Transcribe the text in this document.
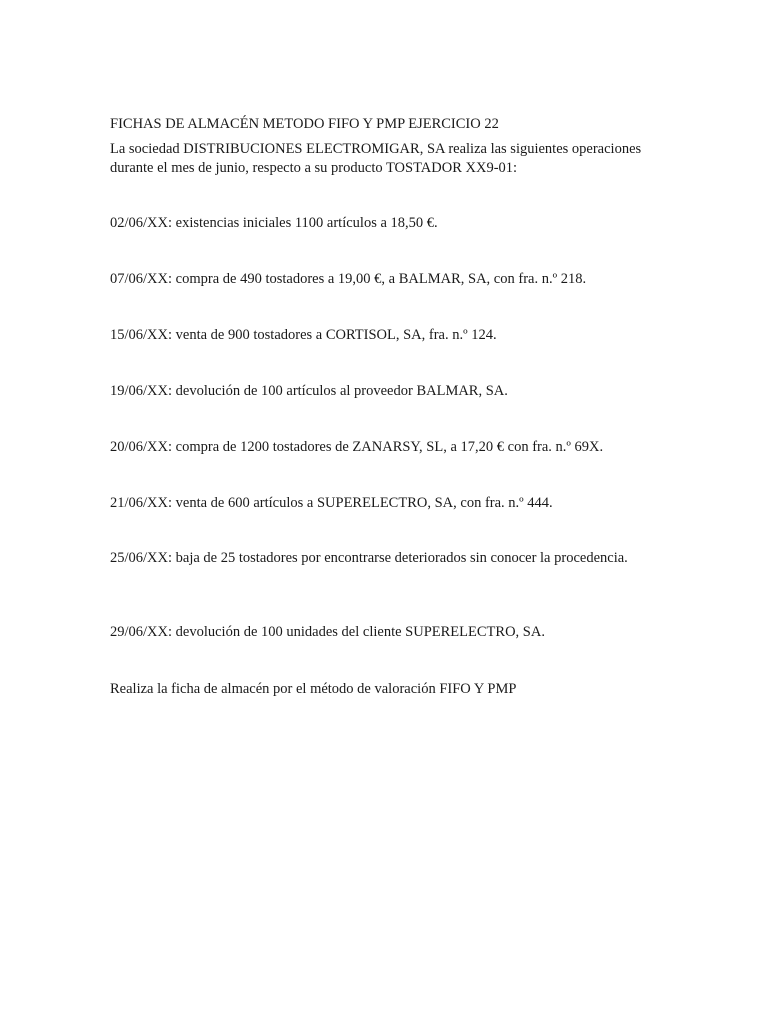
FICHAS DE ALMACÉN METODO FIFO Y PMP EJERCICIO 22

La sociedad DISTRIBUCIONES ELECTROMIGAR, SA realiza las siguientes operaciones durante el mes de junio, respecto a su producto TOSTADOR XX9-01:

02/06/XX: existencias iniciales 1100 artículos a 18,50 €.

07/06/XX: compra de 490 tostadores a 19,00 €, a BALMAR, SA, con fra. n.º 218.

15/06/XX: venta de 900 tostadores a CORTISOL, SA, fra. n.º 124.

19/06/XX: devolución de 100 artículos al proveedor BALMAR, SA.

20/06/XX: compra de 1200 tostadores de ZANARSY, SL, a 17,20 € con fra. n.º 69X.

21/06/XX: venta de 600 artículos a SUPERELECTRO, SA, con fra. n.º 444.

25/06/XX: baja de 25 tostadores por encontrarse deteriorados sin conocer la procedencia.

29/06/XX: devolución de 100 unidades del cliente SUPERELECTRO, SA.

Realiza la ficha de almacén por el método de valoración FIFO Y PMP
